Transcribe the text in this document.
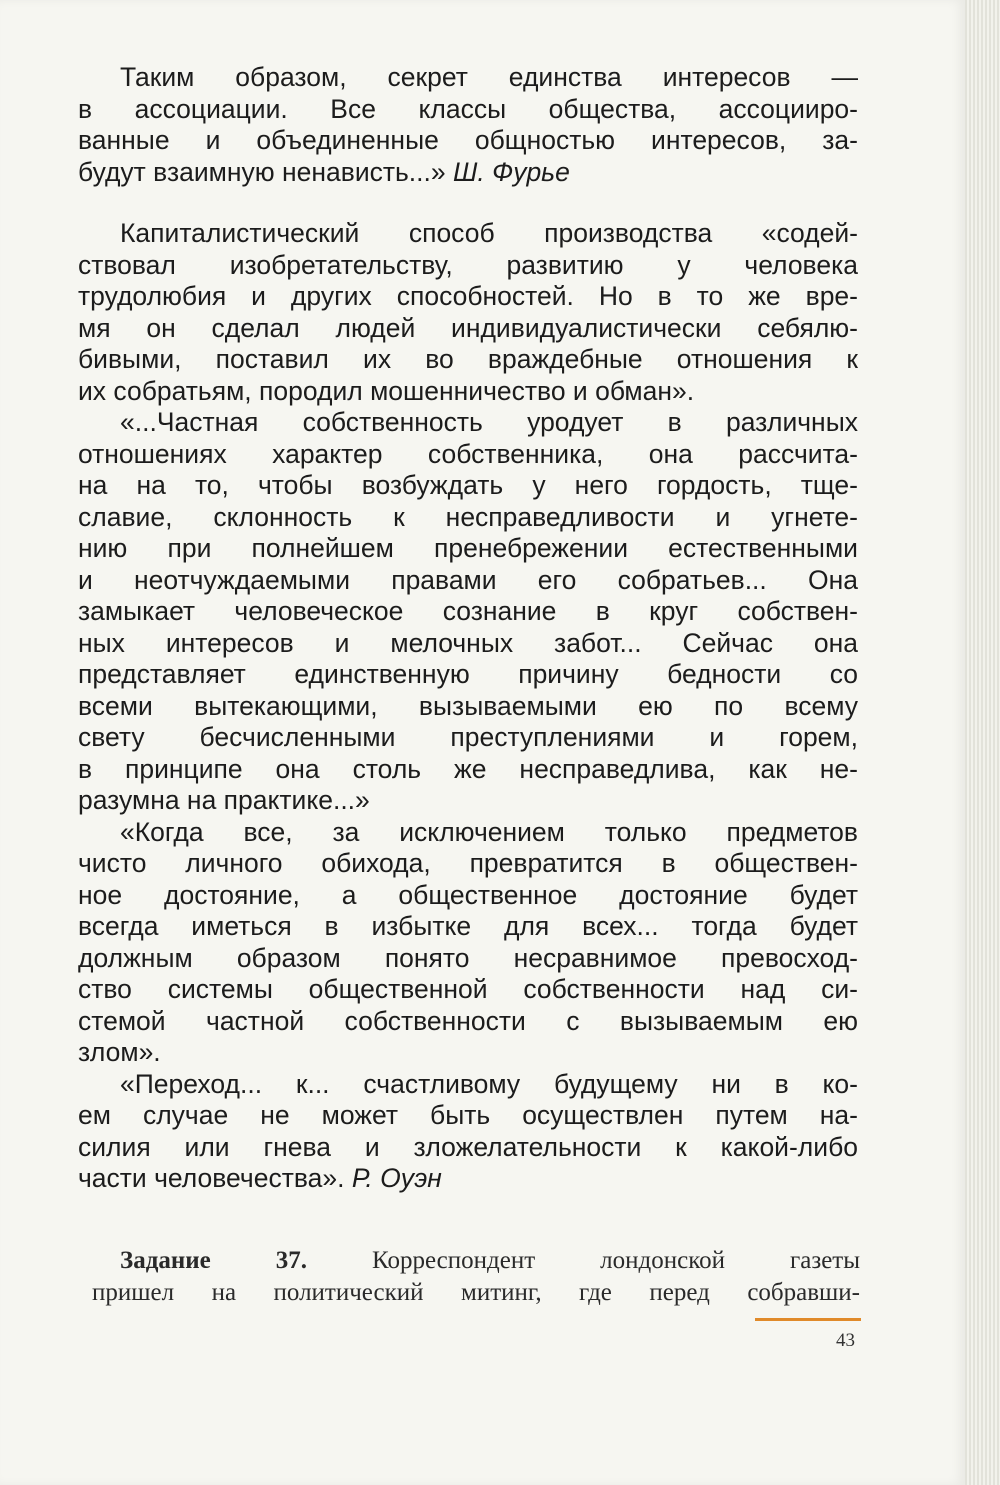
Таким образом, секрет единства интересов —
в ассоциации. Все классы общества, ассоцииро-
ванные и объединенные общностью интересов, за-
будут взаимную ненависть...» Ш. Фурье
Капиталистический способ производства «содей-
ствовал изобретательству, развитию у человека
трудолюбия и других способностей. Но в то же вре-
мя он сделал людей индивидуалистически себялю-
бивыми, поставил их во враждебные отношения к
их собратьям, породил мошенничество и обман».
«...Частная собственность уродует в различных
отношениях характер собственника, она рассчита-
на на то, чтобы возбуждать у него гордость, тще-
славие, склонность к несправедливости и угнете-
нию при полнейшем пренебрежении естественными
и неотчуждаемыми правами его собратьев... Она
замыкает человеческое сознание в круг собствен-
ных интересов и мелочных забот... Сейчас она
представляет единственную причину бедности со
всеми вытекающими, вызываемыми ею по всему
свету бесчисленными преступлениями и горем,
в принципе она столь же несправедлива, как не-
разумна на практике...»
«Когда все, за исключением только предметов
чисто личного обихода, превратится в обществен-
ное достояние, а общественное достояние будет
всегда иметься в избытке для всех... тогда будет
должным образом понято несравнимое превосход-
ство системы общественной собственности над си-
стемой частной собственности с вызываемым ею
злом».
«Переход... к... счастливому будущему ни в ко-
ем случае не может быть осуществлен путем на-
силия или гнева и зложелательности к какой-либо
части человечества». Р. Оуэн
Задание 37.	Корреспондент лондонской газеты
пришел на политический митинг, где перед собравши-
43
